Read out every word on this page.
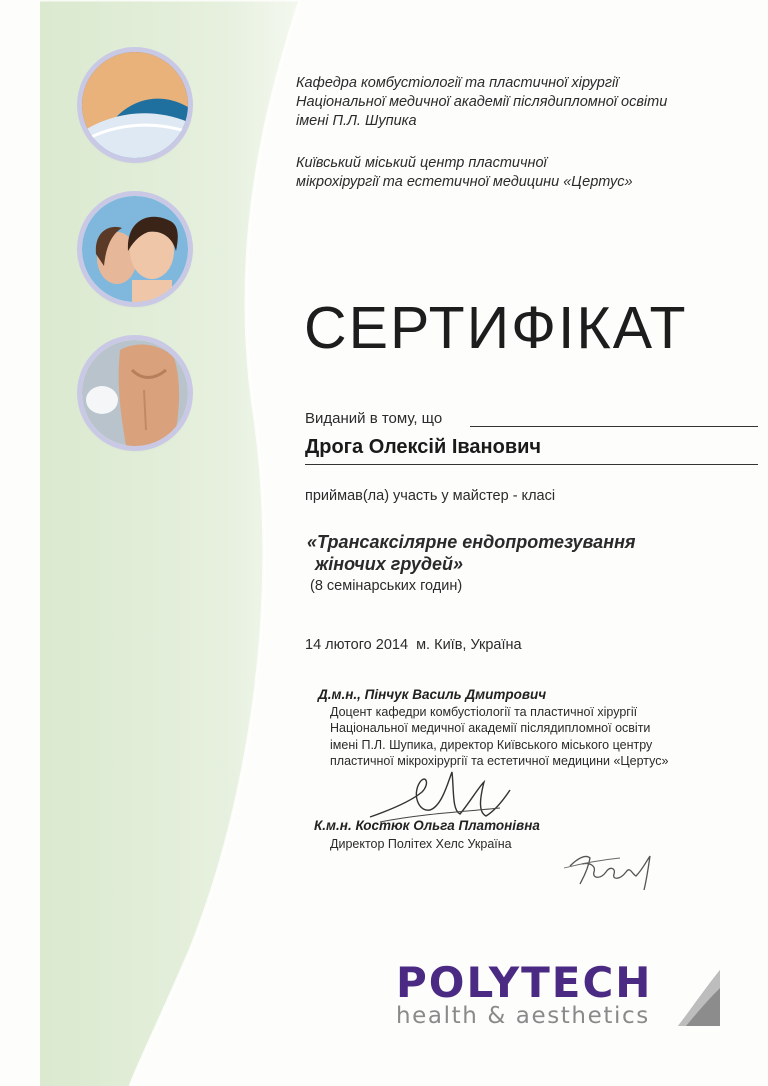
Кафедра комбустіології та пластичної хірургії
Національної медичної академії післядипломної освіти
імені П.Л. Шупика

Київський міський центр пластичної
мікрохірургії та естетичної медицини «Цертус»

СЕРТИФІКАТ
Виданий в тому, що
Дрога Олексій Іванович
приймав(ла) участь у майстер - класі
«Трансаксілярне ендопротезування
жіночих грудей»
(8 семінарських годин)
14 лютого 2014  м. Київ, Україна
Д.м.н., Пінчук Василь Дмитрович
Доцент кафедри комбустіології та пластичної хірургії
Національної медичної академії післядипломної освіти
імені П.Л. Шупика, директор Київського міського центру
пластичної мікрохірургії та естетичної медицини «Цертус»
К.м.н. Костюк Ольга Платонівна
Директор Політех Хелс Україна
POLYTECH
health & aesthetics
